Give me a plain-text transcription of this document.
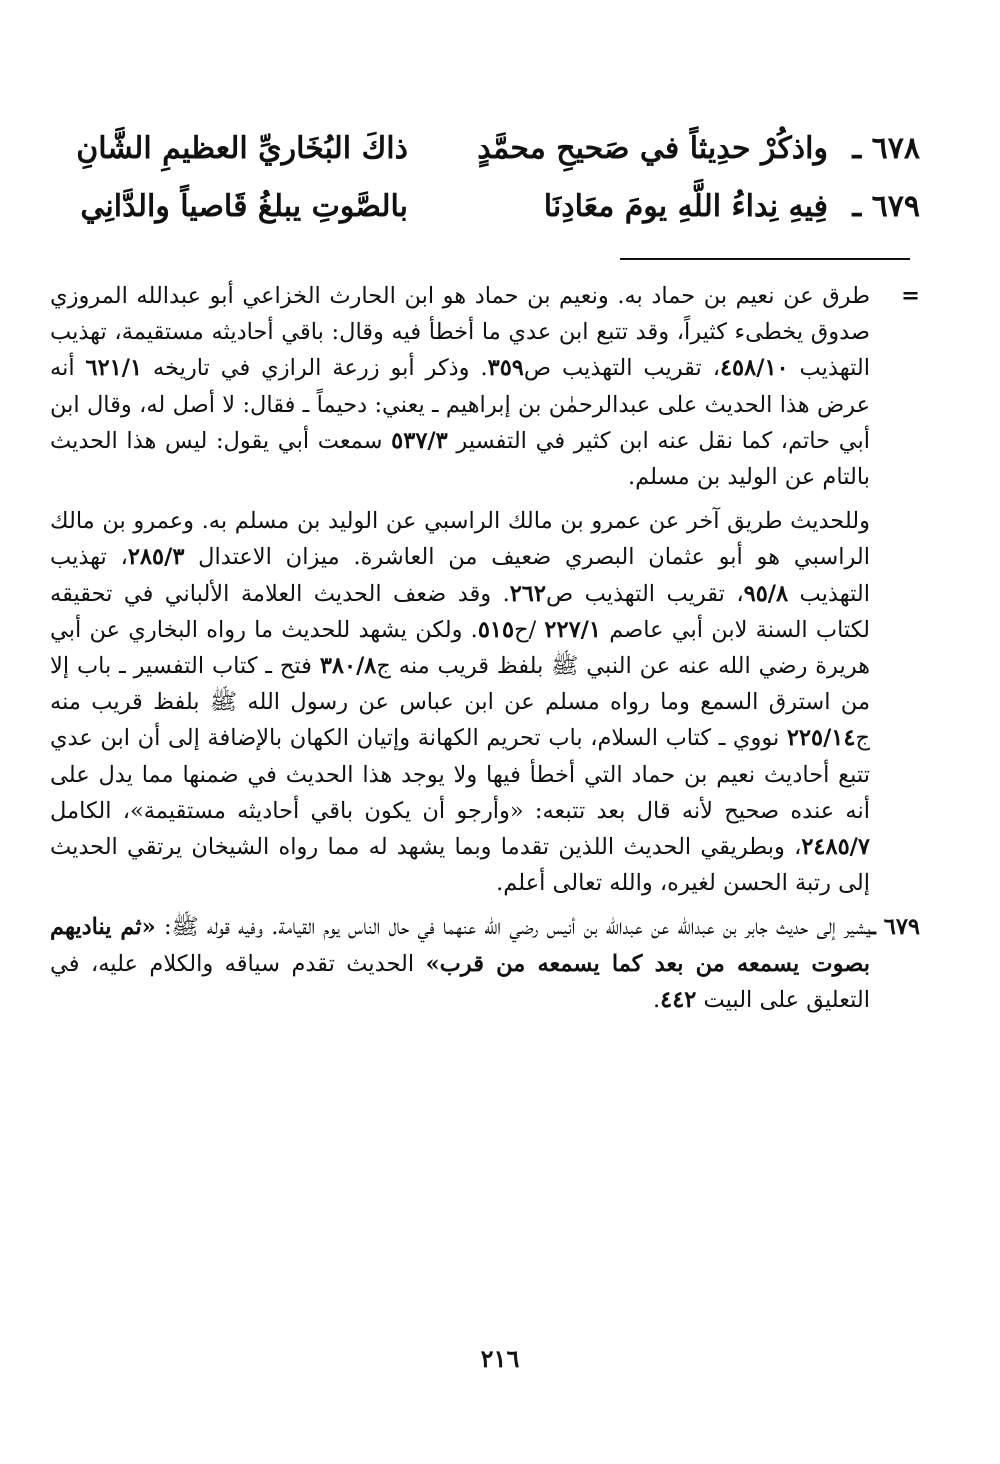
٦٧٨ ـ
واذكُرْ حدِيثاً في صَحيحِ محمَّدٍ
ذاكَ البُخَاريِّ العظيمِ الشَّانِ
٦٧٩ ـ
فِيهِ نِداءُ اللَّهِ يومَ معَادِنَا
بالصَّوتِ يبلغُ قَاصياً والدَّانِي
=

طرق عن نعيم بن حماد به. ونعيم بن حماد هو ابن الحارث الخزاعي أبو عبدالله المروزي صدوق يخطىء كثيراً، وقد تتبع ابن عدي ما أخطأ فيه وقال: باقي أحاديثه مستقيمة، تهذيب التهذيب ٤٥٨/١٠، تقريب التهذيب ص٣٥٩. وذكر أبو زرعة الرازي في تاريخه ٦٢١/١ أنه عرض هذا الحديث على عبدالرحمٰن بن إبراهيم ـ يعني: دحيماً ـ فقال: لا أصل له، وقال ابن أبي حاتم، كما نقل عنه ابن كثير في التفسير ٥٣٧/٣ سمعت أبي يقول: ليس هذا الحديث بالتام عن الوليد بن مسلم.

وللحديث طريق آخر عن عمرو بن مالك الراسبي عن الوليد بن مسلم به. وعمرو بن مالك الراسبي هو أبو عثمان البصري ضعيف من العاشرة. ميزان الاعتدال ٢٨٥/٣، تهذيب التهذيب ٩٥/٨، تقريب التهذيب ص٢٦٢. وقد ضعف الحديث العلامة الألباني في تحقيقه لكتاب السنة لابن أبي عاصم ٢٢٧/١ /ح٥١٥. ولكن يشهد للحديث ما رواه البخاري عن أبي هريرة رضي الله عنه عن النبي ﷺ بلفظ قريب منه ج٣٨٠/٨ فتح ـ كتاب التفسير ـ باب إلا من استرق السمع وما رواه مسلم عن ابن عباس عن رسول الله ﷺ بلفظ قريب منه ج٢٢٥/١٤ نووي ـ كتاب السلام، باب تحريم الكهانة وإتيان الكهان بالإضافة إلى أن ابن عدي تتبع أحاديث نعيم بن حماد التي أخطأ فيها ولا يوجد هذا الحديث في ضمنها مما يدل على أنه عنده صحيح لأنه قال بعد تتبعه: «وأرجو أن يكون باقي أحاديثه مستقيمة»، الكامل ٢٤٨٥/٧، وبطريقي الحديث اللذين تقدما وبما يشهد له مما رواه الشيخان يرتقي الحديث إلى رتبة الحسن لغيره، والله تعالى أعلم.

٦٧٩ ـ

يشير إلى حديث جابر بن عبدالله عن عبدالله بن أنيس رضي الله عنهما في حال الناس يوم القيامة. وفيه قوله ﷺ: «ثم يناديهم بصوت يسمعه من بعد كما يسمعه من قرب» الحديث تقدم سياقه والكلام عليه، في التعليق على البيت ٤٤٢.

٢١٦
